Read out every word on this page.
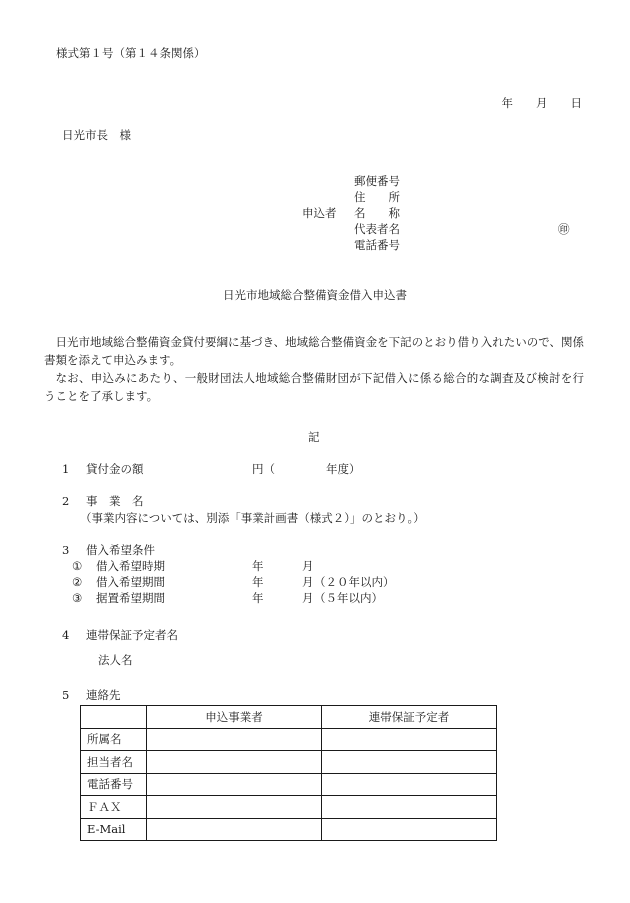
様式第１号（第１４条関係）
年　　月　　日
日光市長　様
申込者
郵便番号
住　　所
名　　称
代表者名
電話番号
㊞
日光市地域総合整備資金借入申込書

日光市地域総合整備資金貸付要綱に基づき、地域総合整備資金を下記のとおり借り入れたいので、関係書類を添えて申込みます。

なお、申込みにあたり、一般財団法人地域総合整備財団が下記借入に係る総合的な調査及び検討を行うことを了承します。

記
1 貸付金の額	円（	年度）
2 事　業　名
（事業内容については、別添「事業計画書（様式２）」のとおり。）
3 借入希望条件
① 借入希望時期	年	月
② 借入希望期間	年	月 （２０年以内）
③ 据置希望期間	年	月 （５年以内）
4 連帯保証予定者名
法人名
5 連絡先
	申込事業者	連帯保証予定者
所属名		
担当者名		
電話番号		
ＦＡＸ		
E-Mail		
